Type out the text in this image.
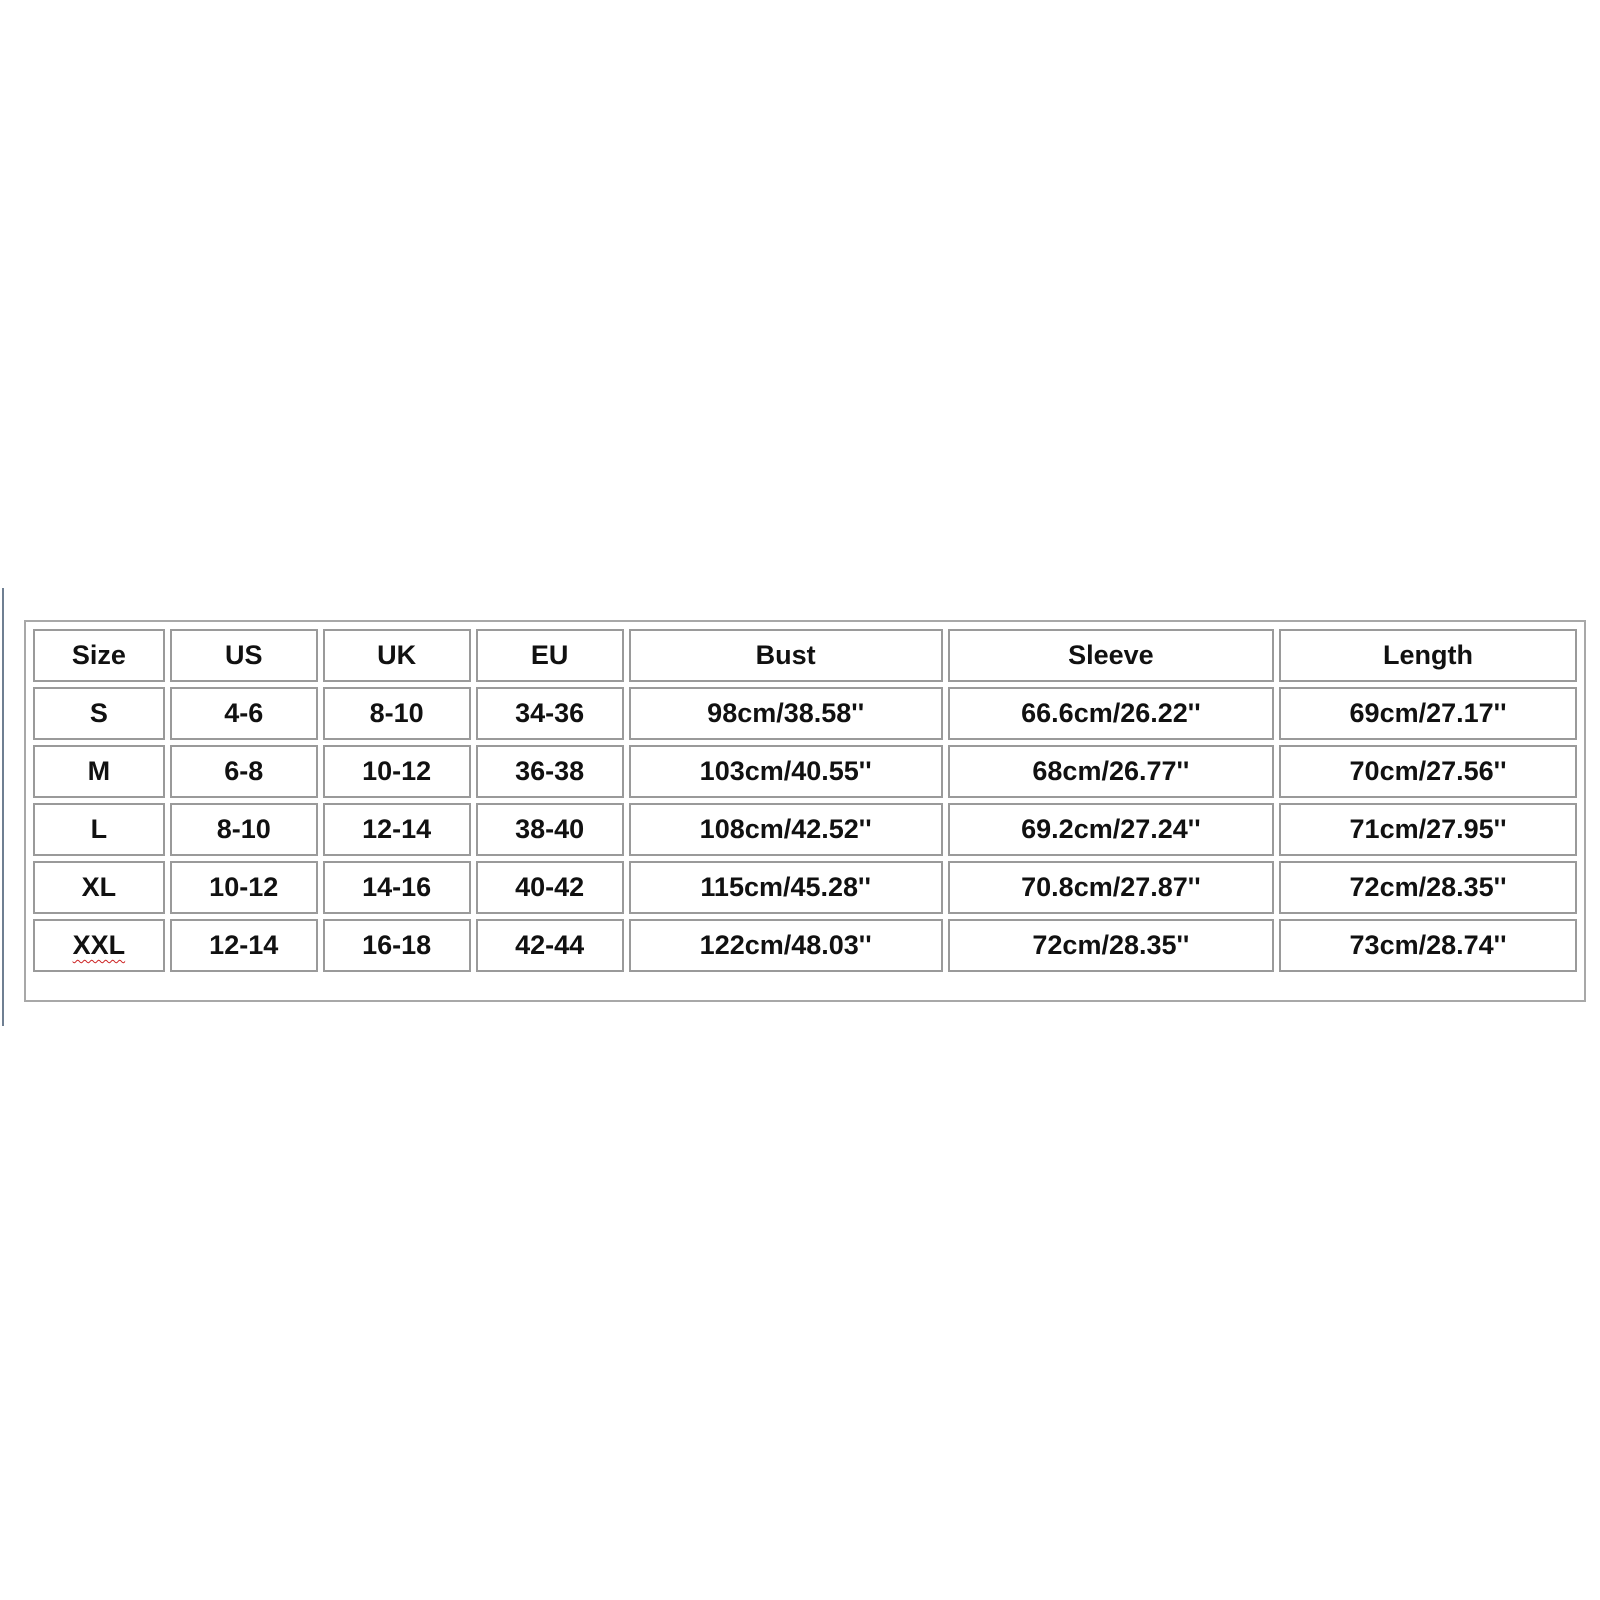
Size	US	UK	EU	Bust	Sleeve	Length
S	4-6	8-10	34-36	98cm/38.58''	66.6cm/26.22''	69cm/27.17''
M	6-8	10-12	36-38	103cm/40.55''	68cm/26.77''	70cm/27.56''
L	8-10	12-14	38-40	108cm/42.52''	69.2cm/27.24''	71cm/27.95''
XL	10-12	14-16	40-42	115cm/45.28''	70.8cm/27.87''	72cm/28.35''
XXL	12-14	16-18	42-44	122cm/48.03''	72cm/28.35''	73cm/28.74''
